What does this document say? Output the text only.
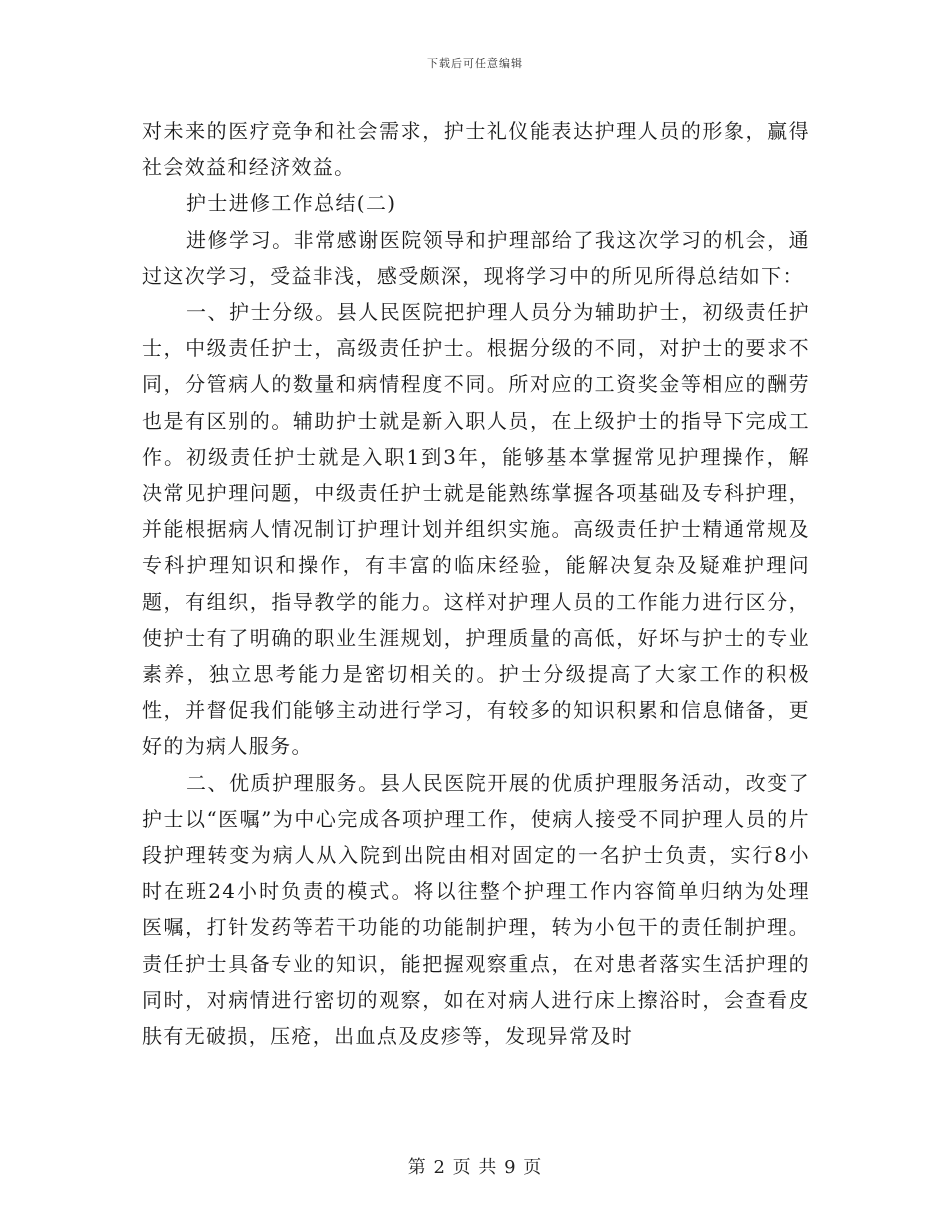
下载后可任意编辑

对未来的医疗竞争和社会需求，护士礼仪能表达护理人员的形象，赢得社会效益和经济效益。

护士进修工作总结(二)

进修学习。非常感谢医院领导和护理部给了我这次学习的机会，通过这次学习，受益非浅，感受颇深，现将学习中的所见所得总结如下：

一、护士分级。县人民医院把护理人员分为辅助护士，初级责任护士，中级责任护士，高级责任护士。根据分级的不同，对护士的要求不同，分管病人的数量和病情程度不同。所对应的工资奖金等相应的酬劳也是有区别的。辅助护士就是新入职人员，在上级护士的指导下完成工作。初级责任护士就是入职1到3年，能够基本掌握常见护理操作，解决常见护理问题，中级责任护士就是能熟练掌握各项基础及专科护理，并能根据病人情况制订护理计划并组织实施。高级责任护士精通常规及专科护理知识和操作，有丰富的临床经验，能解决复杂及疑难护理问题，有组织，指导教学的能力。这样对护理人员的工作能力进行区分，使护士有了明确的职业生涯规划，护理质量的高低，好坏与护士的专业素养，独立思考能力是密切相关的。护士分级提高了大家工作的积极性，并督促我们能够主动进行学习，有较多的知识积累和信息储备，更好的为病人服务。

二、优质护理服务。县人民医院开展的优质护理服务活动，改变了护士以“医嘱”为中心完成各项护理工作，使病人接受不同护理人员的片段护理转变为病人从入院到出院由相对固定的一名护士负责，实行8小时在班24小时负责的模式。将以往整个护理工作内容简单归纳为处理医嘱，打针发药等若干功能的功能制护理，转为小包干的责任制护理。责任护士具备专业的知识，能把握观察重点，在对患者落实生活护理的同时，对病情进行密切的观察，如在对病人进行床上擦浴时，会查看皮肤有无破损，压疮，出血点及皮疹等，发现异常及时

第 2 页 共 9 页
